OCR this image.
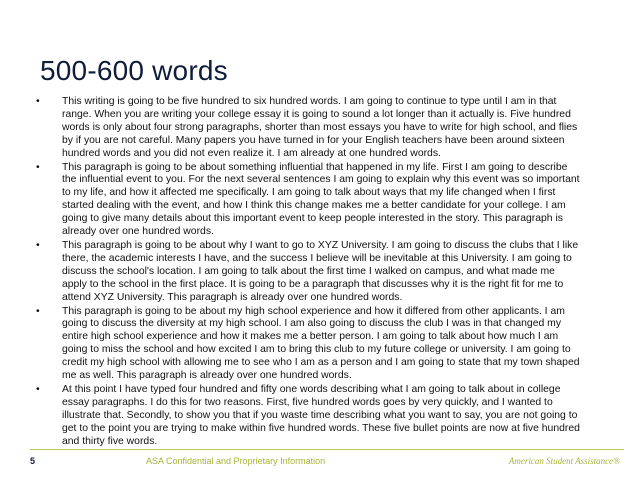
500-600 words
• This writing is going to be five hundred to six hundred words. I am going to continue to type until I am in that range. When you are writing your college essay it is going to sound a lot longer than it actually is. Five hundred words is only about four strong paragraphs, shorter than most essays you have to write for high school, and flies by if you are not careful. Many papers you have turned in for your English teachers have been around sixteen hundred words and you did not even realize it. I am already at one hundred words.
• This paragraph is going to be about something influential that happened in my life. First I am going to describe the influential event to you. For the next several sentences I am going to explain why this event was so important to my life, and how it affected me specifically. I am going to talk about ways that my life changed when I first started dealing with the event, and how I think this change makes me a better candidate for your college. I am going to give many details about this important event to keep people interested in the story. This paragraph is already over one hundred words.
• This paragraph is going to be about why I want to go to XYZ University. I am going to discuss the clubs that I like there, the academic interests I have, and the success I believe will be inevitable at this University. I am going to discuss the school's location. I am going to talk about the first time I walked on campus, and what made me apply to the school in the first place. It is going to be a paragraph that discusses why it is the right fit for me to attend XYZ University. This paragraph is already over one hundred words.
• This paragraph is going to be about my high school experience and how it differed from other applicants. I am going to discuss the diversity at my high school. I am also going to discuss the club I was in that changed my entire high school experience and how it makes me a better person. I am going to talk about how much I am going to miss the school and how excited I am to bring this club to my future college or university. I am going to credit my high school with allowing me to see who I am as a person and I am going to state that my town shaped me as well. This paragraph is already over one hundred words.
• At this point I have typed four hundred and fifty one words describing what I am going to talk about in college essay paragraphs. I do this for two reasons. First, five hundred words goes by very quickly, and I wanted to illustrate that. Secondly, to show you that if you waste time describing what you want to say, you are not going to get to the point you are trying to make within five hundred words. These five bullet points are now at five hundred and thirty five words.
5	ASA Confidential and Proprietary Information	American Student Assistance®
